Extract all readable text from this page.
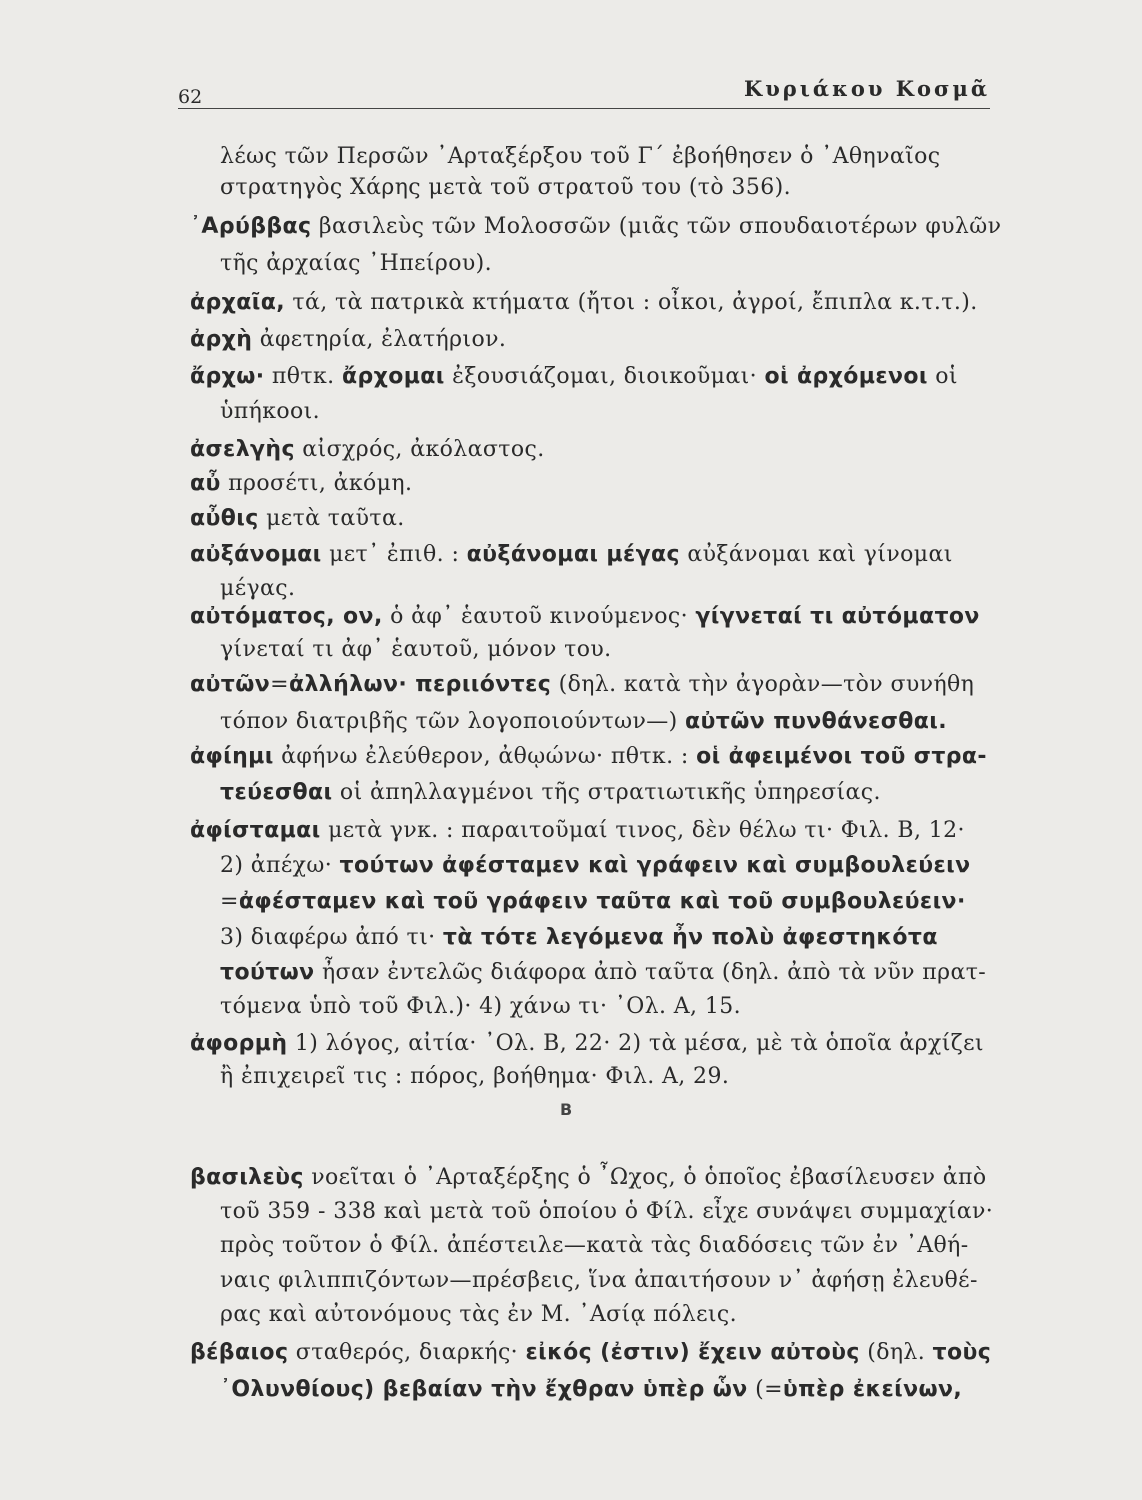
62	Κυριάκου Κοσμᾶ
λέως τῶν Περσῶν ᾿Αρταξέρξου τοῦ Γ´ ἐβοήθησεν ὁ ᾿Αθηναῖος
στρατηγὸς Χάρης μετὰ τοῦ στρατοῦ του (τὸ 356).
᾿Αρύββας βασιλεὺς τῶν Μολοσσῶν (μιᾶς τῶν σπουδαιοτέρων φυλῶν
τῆς ἀρχαίας ᾿Ηπείρου).
ἀρχαῖα, τά, τὰ πατρικὰ κτήματα (ἤτοι : οἶκοι, ἀγροί, ἔπιπλα κ.τ.τ.).
ἀρχὴ ἀφετηρία, ἐλατήριον.
ἄρχω· πθτκ. ἄρχομαι ἐξουσιάζομαι, διοικοῦμαι· οἱ ἀρχόμενοι οἱ
ὑπήκοοι.
ἀσελγὴς αἰσχρός, ἀκόλαστος.
αὖ προσέτι, ἀκόμη.
αὖθις μετὰ ταῦτα.
αὐξάνομαι μετ᾿ ἐπιθ. : αὐξάνομαι μέγας αὐξάνομαι καὶ γίνομαι
μέγας.
αὐτόματος, ον, ὁ ἀφ᾿ ἑαυτοῦ κινούμενος· γίγνεταί τι αὐτόματον
γίνεταί τι ἀφ᾿ ἑαυτοῦ, μόνον του.
αὐτῶν=ἀλλήλων· περιιόντες (δηλ. κατὰ τὴν ἀγορὰν—τὸν συνήθη
τόπον διατριβῆς τῶν λογοποιούντων—) αὐτῶν πυνθάνεσθαι.
ἀφίημι ἀφήνω ἐλεύθερον, ἀθῳώνω· πθτκ. : οἱ ἀφειμένοι τοῦ στρα-
τεύεσθαι οἱ ἀπηλλαγμένοι τῆς στρατιωτικῆς ὑπηρεσίας.
ἀφίσταμαι μετὰ γνκ. : παραιτοῦμαί τινος, δὲν θέλω τι· Φιλ. Β, 12·
2) ἀπέχω· τούτων ἀφέσταμεν καὶ γράφειν καὶ συμβουλεύειν
=ἀφέσταμεν καὶ τοῦ γράφειν ταῦτα καὶ τοῦ συμβουλεύειν·
3) διαφέρω ἀπό τι· τὰ τότε λεγόμενα ἦν πολὺ ἀφεστηκότα
τούτων ἦσαν ἐντελῶς διάφορα ἀπὸ ταῦτα (δηλ. ἀπὸ τὰ νῦν πρατ-
τόμενα ὑπὸ τοῦ Φιλ.)· 4) χάνω τι· ᾿Ολ. Α, 15.
ἀφορμὴ 1) λόγος, αἰτία· ᾿Ολ. Β, 22· 2) τὰ μέσα, μὲ τὰ ὁποῖα ἀρχίζει
ἢ ἐπιχειρεῖ τις : πόρος, βοήθημα· Φιλ. Α, 29.
βασιλεὺς νοεῖται ὁ ᾿Αρταξέρξης ὁ ῏Ωχος, ὁ ὁποῖος ἐβασίλευσεν ἀπὸ
τοῦ 359 - 338 καὶ μετὰ τοῦ ὁποίου ὁ Φίλ. εἶχε συνάψει συμμαχίαν·
πρὸς τοῦτον ὁ Φίλ. ἀπέστειλε—κατὰ τὰς διαδόσεις τῶν ἐν ᾿Αθή-
ναις φιλιππιζόντων—πρέσβεις, ἵνα ἀπαιτήσουν ν᾿ ἀφήσῃ ἐλευθέ-
ρας καὶ αὐτονόμους τὰς ἐν Μ. ᾿Ασίᾳ πόλεις.
βέβαιος σταθερός, διαρκής· εἰκός (ἐστιν) ἔχειν αὐτοὺς (δηλ. τοὺς
᾿Ολυνθίους) βεβαίαν τὴν ἔχθραν ὑπὲρ ὧν (=ὑπὲρ ἐκείνων,
Β
